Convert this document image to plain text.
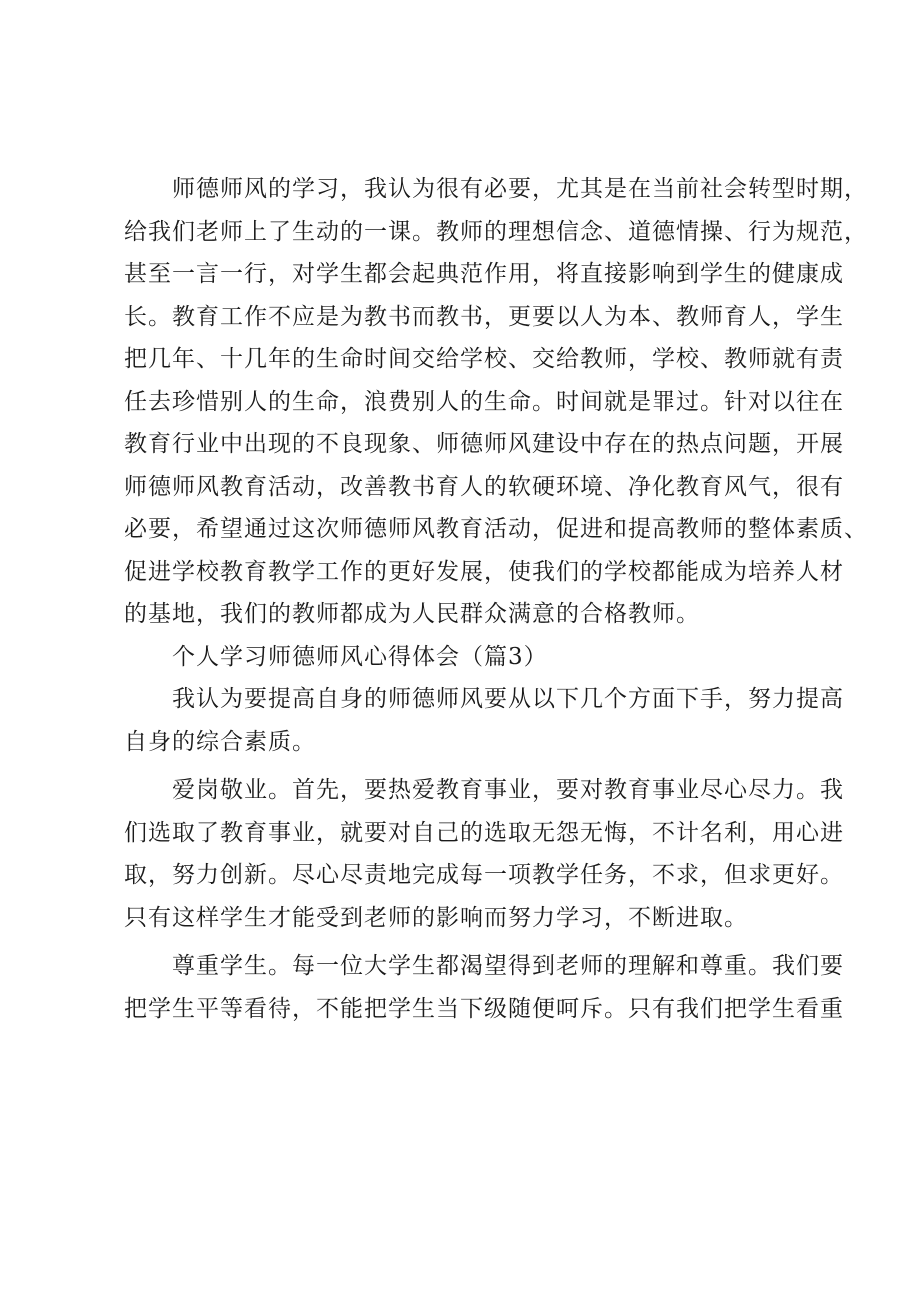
师德师风的学习，我认为很有必要，尤其是在当前社会转型时期，
给我们老师上了生动的一课。教师的理想信念、道德情操、行为规范，
甚至一言一行，对学生都会起典范作用，将直接影响到学生的健康成
长。教育工作不应是为教书而教书，更要以人为本、教师育人，学生
把几年、十几年的生命时间交给学校、交给教师，学校、教师就有责
任去珍惜别人的生命，浪费别人的生命。时间就是罪过。针对以往在
教育行业中出现的不良现象、师德师风建设中存在的热点问题，开展
师德师风教育活动，改善教书育人的软硬环境、净化教育风气，很有
必要，希望通过这次师德师风教育活动，促进和提高教师的整体素质、
促进学校教育教学工作的更好发展，使我们的学校都能成为培养人材
的基地，我们的教师都成为人民群众满意的合格教师。

个人学习师德师风心得体会（篇3）

我认为要提高自身的师德师风要从以下几个方面下手，努力提高
自身的综合素质。

爱岗敬业。首先，要热爱教育事业，要对教育事业尽心尽力。我
们选取了教育事业，就要对自己的选取无怨无悔，不计名利，用心进
取，努力创新。尽心尽责地完成每一项教学任务，不求，但求更好。
只有这样学生才能受到老师的影响而努力学习，不断进取。

尊重学生。每一位大学生都渴望得到老师的理解和尊重。我们要
把学生平等看待，不能把学生当下级随便呵斥。只有我们把学生看重
